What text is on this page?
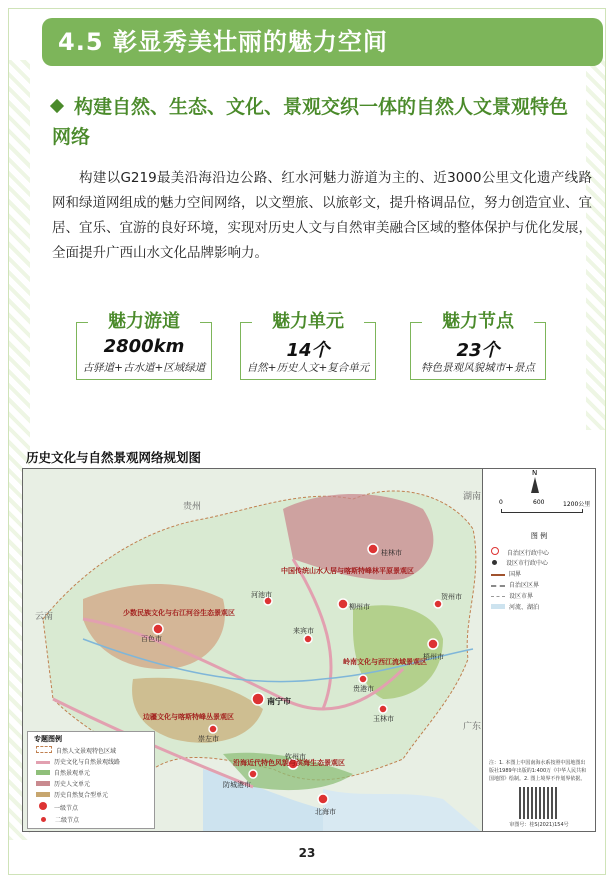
4.5 彰显秀美壮丽的魅力空间
构建自然、生态、文化、景观交织一体的自然人文景观特色网络
构建以G219最美沿海沿边公路、红水河魅力游道为主的、近3000公里文化遗产线路网和绿道网组成的魅力空间网络，以文塑旅、以旅彰文，提升格调品位，努力创造宜业、宜居、宜乐、宜游的良好环境，实现对历史人文与自然审美融合区域的整体保护与优化发展，全面提升广西山水文化品牌影响力。
魅力游道
2800km
古驿道+古水道+区域绿道
魅力单元
14个
自然+历史人文+复合单元
魅力节点
23个
特色景观风貌城市+景点
历史文化与自然景观网络规划图
贵州
湖南
云南
广东
桂林市
柳州市
河池市
百色市
来宾市
南宁市
梧州市
贺州市
贵港市
玉林市
崇左市
防城港市
钦州市
北海市
中国传统山水人居与喀斯特峰林平原景观区
少数民族文化与右江河谷生态景观区
岭南文化与西江流域景观区
边疆文化与喀斯特峰丛景观区
沿海近代特色风貌与滨海生态景观区
专题图例
自然人文景观特色区域
历史文化与自然景观线路
自然景观单元
历史人文单元
历史自然复合型单元
一级节点
二级节点
N
0	600	1200公里
图 例
自治区行政中心
设区市行政中心
国界
自治区区界
设区市界
河流、湖泊
注：1. 本图上中国南海水系按照中国地图出版社1989年出版的1:400万《中华人民共和国地图》绘制。2. 图上境界不作划界依据。
审图号：桂S(2021)154号
23
